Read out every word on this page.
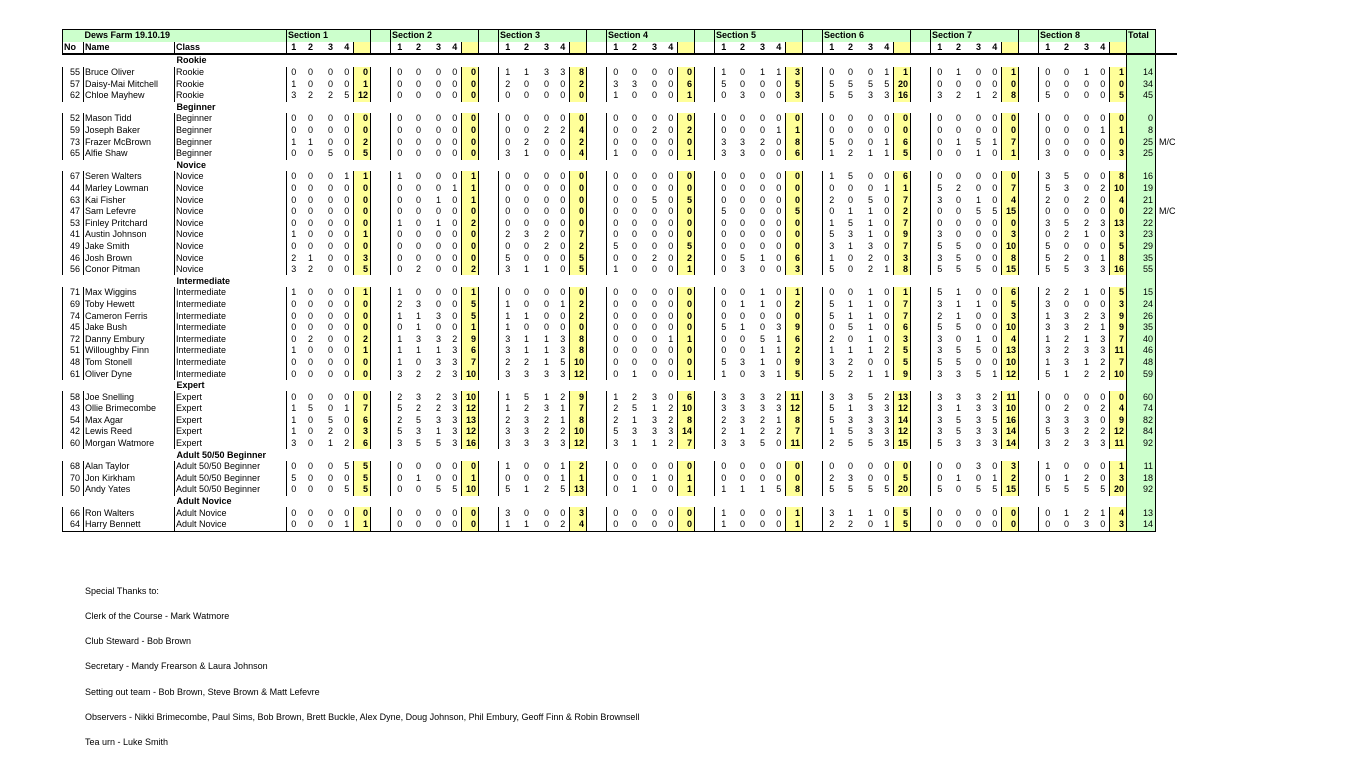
	Dews Farm 19.10.19		Section 1						Section 2						Section 3						Section 4						Section 5						Section 6						Section 7						Section 8					Total	
No	Name	Class	1	2	3	4			1	2	3	4			1	2	3	4			1	2	3	4			1	2	3	4			1	2	3	4			1	2	3	4			1	2	3	4			
		Rookie																																																	
55	Bruce Oliver	Rookie	0	0	0	0	0		0	0	0	0	0		1	1	3	3	8		0	0	0	0	0		1	0	1	1	3		0	0	0	1	1		0	1	0	0	1		0	0	1	0	1	14	
57	Daisy-Mai Mitchell	Rookie	1	0	0	0	1		0	0	0	0	0		2	0	0	0	2		3	3	0	0	6		5	0	0	0	5		5	5	5	5	20		0	0	0	0	0		0	0	0	0	0	34	
62	Chloe Mayhew	Rookie	3	2	2	5	12		0	0	0	0	0		0	0	0	0	0		1	0	0	0	1		0	3	0	0	3		5	5	3	3	16		3	2	1	2	8		5	0	0	0	5	45	
		Beginner																																																	
52	Mason Tidd	Beginner	0	0	0	0	0		0	0	0	0	0		0	0	0	0	0		0	0	0	0	0		0	0	0	0	0		0	0	0	0	0		0	0	0	0	0		0	0	0	0	0	0	
59	Joseph Baker	Beginner	0	0	0	0	0		0	0	0	0	0		0	0	2	2	4		0	0	2	0	2		0	0	0	1	1		0	0	0	0	0		0	0	0	0	0		0	0	0	1	1	8	
73	Frazer McBrown	Beginner	1	1	0	0	2		0	0	0	0	0		0	2	0	0	2		0	0	0	0	0		3	3	2	0	8		5	0	0	1	6		0	1	5	1	7		0	0	0	0	0	25	M/C
65	Alfie Shaw	Beginner	0	0	5	0	5		0	0	0	0	0		3	1	0	0	4		1	0	0	0	1		3	3	0	0	6		1	2	1	1	5		0	0	1	0	1		3	0	0	0	3	25	
		Novice																																																	
67	Seren Walters	Novice	0	0	0	1	1		1	0	0	0	1		0	0	0	0	0		0	0	0	0	0		0	0	0	0	0		1	5	0	0	6		0	0	0	0	0		3	5	0	0	8	16	
44	Marley Lowman	Novice	0	0	0	0	0		0	0	0	1	1		0	0	0	0	0		0	0	0	0	0		0	0	0	0	0		0	0	0	1	1		5	2	0	0	7		5	3	0	2	10	19	
63	Kai Fisher	Novice	0	0	0	0	0		0	0	1	0	1		0	0	0	0	0		0	0	5	0	5		0	0	0	0	0		2	0	5	0	7		3	0	1	0	4		2	0	2	0	4	21	
47	Sam Lefevre	Novice	0	0	0	0	0		0	0	0	0	0		0	0	0	0	0		0	0	0	0	0		5	0	0	0	5		0	1	1	0	2		0	0	5	5	15		0	0	0	0	0	22	M/C
53	Finley Pritchard	Novice	0	0	0	0	0		1	0	1	0	2		0	0	0	0	0		0	0	0	0	0		0	0	0	0	0		1	5	1	0	7		0	0	0	0	0		3	5	2	3	13	22	
41	Austin Johnson	Novice	1	0	0	0	1		0	0	0	0	0		2	3	2	0	7		0	0	0	0	0		0	0	0	0	0		5	3	1	0	9		3	0	0	0	3		0	2	1	0	3	23	
49	Jake Smith	Novice	0	0	0	0	0		0	0	0	0	0		0	0	2	0	2		5	0	0	0	5		0	0	0	0	0		3	1	3	0	7		5	5	0	0	10		5	0	0	0	5	29	
46	Josh Brown	Novice	2	1	0	0	3		0	0	0	0	0		5	0	0	0	5		0	0	2	0	2		0	5	1	0	6		1	0	2	0	3		3	5	0	0	8		5	2	0	1	8	35	
56	Conor Pitman	Novice	3	2	0	0	5		0	2	0	0	2		3	1	1	0	5		1	0	0	0	1		0	3	0	0	3		5	0	2	1	8		5	5	5	0	15		5	5	3	3	16	55	
		Intermediate																																																	
71	Max Wiggins	Intermediate	1	0	0	0	1		1	0	0	0	1		0	0	0	0	0		0	0	0	0	0		0	0	1	0	1		0	0	1	0	1		5	1	0	0	6		2	2	1	0	5	15	
69	Toby Hewett	Intermediate	0	0	0	0	0		2	3	0	0	5		1	0	0	1	2		0	0	0	0	0		0	1	1	0	2		5	1	1	0	7		3	1	1	0	5		3	0	0	0	3	24	
74	Cameron Ferris	Intermediate	0	0	0	0	0		1	1	3	0	5		1	1	0	0	2		0	0	0	0	0		0	0	0	0	0		5	1	1	0	7		2	1	0	0	3		1	3	2	3	9	26	
45	Jake Bush	Intermediate	0	0	0	0	0		0	1	0	0	1		1	0	0	0	0		0	0	0	0	0		5	1	0	3	9		0	5	1	0	6		5	5	0	0	10		3	3	2	1	9	35	
72	Danny Embury	Intermediate	0	2	0	0	2		1	3	3	2	9		3	1	1	3	8		0	0	0	1	1		0	0	5	1	6		2	0	1	0	3		3	0	1	0	4		1	2	1	3	7	40	
51	Willoughby Finn	Intermediate	1	0	0	0	1		1	1	1	3	6		3	1	1	3	8		0	0	0	0	0		0	0	1	1	2		1	1	1	2	5		3	5	5	0	13		3	2	3	3	11	46	
48	Tom Stonell	Intermediate	0	0	0	0	0		1	0	3	3	7		2	2	1	5	10		0	0	0	0	0		5	3	1	0	9		3	2	0	0	5		5	5	0	0	10		1	3	1	2	7	48	
61	Oliver Dyne	Intermediate	0	0	0	0	0		3	2	2	3	10		3	3	3	3	12		0	1	0	0	1		1	0	3	1	5		5	2	1	1	9		3	3	5	1	12		5	1	2	2	10	59	
		Expert																																																	
58	Joe Snelling	Expert	0	0	0	0	0		2	3	2	3	10		1	5	1	2	9		1	2	3	0	6		3	3	3	2	11		3	3	5	2	13		3	3	3	2	11		0	0	0	0	0	60	
43	Ollie Brimecombe	Expert	1	5	0	1	7		5	2	2	3	12		1	2	3	1	7		2	5	1	2	10		3	3	3	3	12		5	1	3	3	12		3	1	3	3	10		0	2	0	2	4	74	
54	Max Agar	Expert	1	0	5	0	6		2	5	3	3	13		2	3	2	1	8		2	1	3	2	8		2	3	2	1	8		5	3	3	3	14		3	5	3	5	16		3	3	3	0	9	82	
42	Lewis Reed	Expert	1	0	2	0	3		5	3	1	3	12		3	3	2	2	10		5	3	3	3	14		2	1	2	2	7		1	5	3	3	12		3	5	3	3	14		5	3	2	2	12	84	
60	Morgan Watmore	Expert	3	0	1	2	6		3	5	5	3	16		3	3	3	3	12		3	1	1	2	7		3	3	5	0	11		2	5	5	3	15		5	3	3	3	14		3	2	3	3	11	92	
		Adult 50/50 Beginner																																																	
68	Alan Taylor	Adult 50/50 Beginner	0	0	0	5	5		0	0	0	0	0		1	0	0	1	2		0	0	0	0	0		0	0	0	0	0		0	0	0	0	0		0	0	3	0	3		1	0	0	0	1	11	
70	Jon Kirkham	Adult 50/50 Beginner	5	0	0	0	5		0	1	0	0	1		0	0	0	1	1		0	0	1	0	1		0	0	0	0	0		2	3	0	0	5		0	1	0	1	2		0	1	2	0	3	18	
50	Andy Yates	Adult 50/50 Beginner	0	0	0	5	5		0	0	5	5	10		5	1	2	5	13		0	1	0	0	1		1	1	1	5	8		5	5	5	5	20		5	0	5	5	15		5	5	5	5	20	92	
		Adult Novice																																																	
66	Ron Walters	Adult Novice	0	0	0	0	0		0	0	0	0	0		3	0	0	0	3		0	0	0	0	0		1	0	0	0	1		3	1	1	0	5		0	0	0	0	0		0	1	2	1	4	13	
64	Harry Bennett	Adult Novice	0	0	0	1	1		0	0	0	0	0		1	1	0	2	4		0	0	0	0	0		1	0	0	0	1		2	2	0	1	5		0	0	0	0	0		0	0	3	0	3	14	
Special Thanks to:
Clerk of the Course - Mark Watmore
Club Steward - Bob Brown
Secretary - Mandy Frearson & Laura Johnson
Setting out team - Bob Brown, Steve Brown & Matt Lefevre
Observers - Nikki Brimecombe, Paul Sims, Bob Brown, Brett Buckle, Alex Dyne, Doug Johnson, Phil Embury, Geoff Finn & Robin Brownsell
Tea urn - Luke Smith
